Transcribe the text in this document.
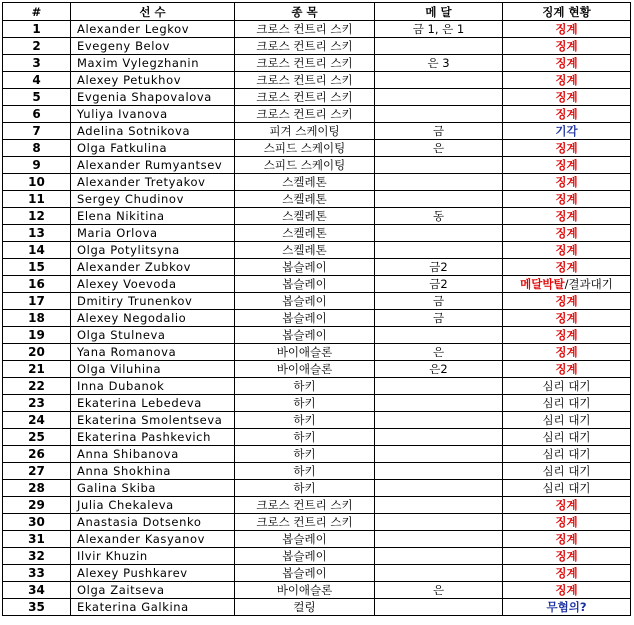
#	선 수	종 목	메 달	징계 현황
1	Alexander Legkov	크로스 컨트리 스키	금 1, 은 1	징계
2	Evegeny Belov	크로스 컨트리 스키		징계
3	Maxim Vylegzhanin	크로스 컨트리 스키	은 3	징계
4	Alexey Petukhov	크로스 컨트리 스키		징계
5	Evgenia Shapovalova	크로스 컨트리 스키		징계
6	Yuliya Ivanova	크로스 컨트리 스키		징계
7	Adelina Sotnikova	피겨 스케이팅	금	기각
8	Olga Fatkulina	스피드 스케이팅	은	징계
9	Alexander Rumyantsev	스피드 스케이팅		징계
10	Alexander Tretyakov	스켈레톤		징계
11	Sergey Chudinov	스켈레톤		징계
12	Elena Nikitina	스켈레톤	동	징계
13	Maria Orlova	스켈레톤		징계
14	Olga Potylitsyna	스켈레톤		징계
15	Alexander Zubkov	봅슬레이	금2	징계
16	Alexey Voevoda	봅슬레이	금2	메달박탈/결과대기
17	Dmitiry Trunenkov	봅슬레이	금	징계
18	Alexey Negodalio	봅슬레이	금	징계
19	Olga Stulneva	봅슬레이		징계
20	Yana Romanova	바이애슬론	은	징계
21	Olga Viluhina	바이애슬론	은2	징계
22	Inna Dubanok	하키		심리 대기
23	Ekaterina Lebedeva	하키		심리 대기
24	Ekaterina Smolentseva	하키		심리 대기
25	Ekaterina Pashkevich	하키		심리 대기
26	Anna Shibanova	하키		심리 대기
27	Anna Shokhina	하키		심리 대기
28	Galina Skiba	하키		심리 대기
29	Julia Chekaleva	크로스 컨트리 스키		징계
30	Anastasia Dotsenko	크로스 컨트리 스키		징계
31	Alexander Kasyanov	봅슬레이		징계
32	Ilvir Khuzin	봅슬레이		징계
33	Alexey Pushkarev	봅슬레이		징계
34	Olga Zaitseva	바이애슬론	은	징계
35	Ekaterina Galkina	컬링		무혐의?
